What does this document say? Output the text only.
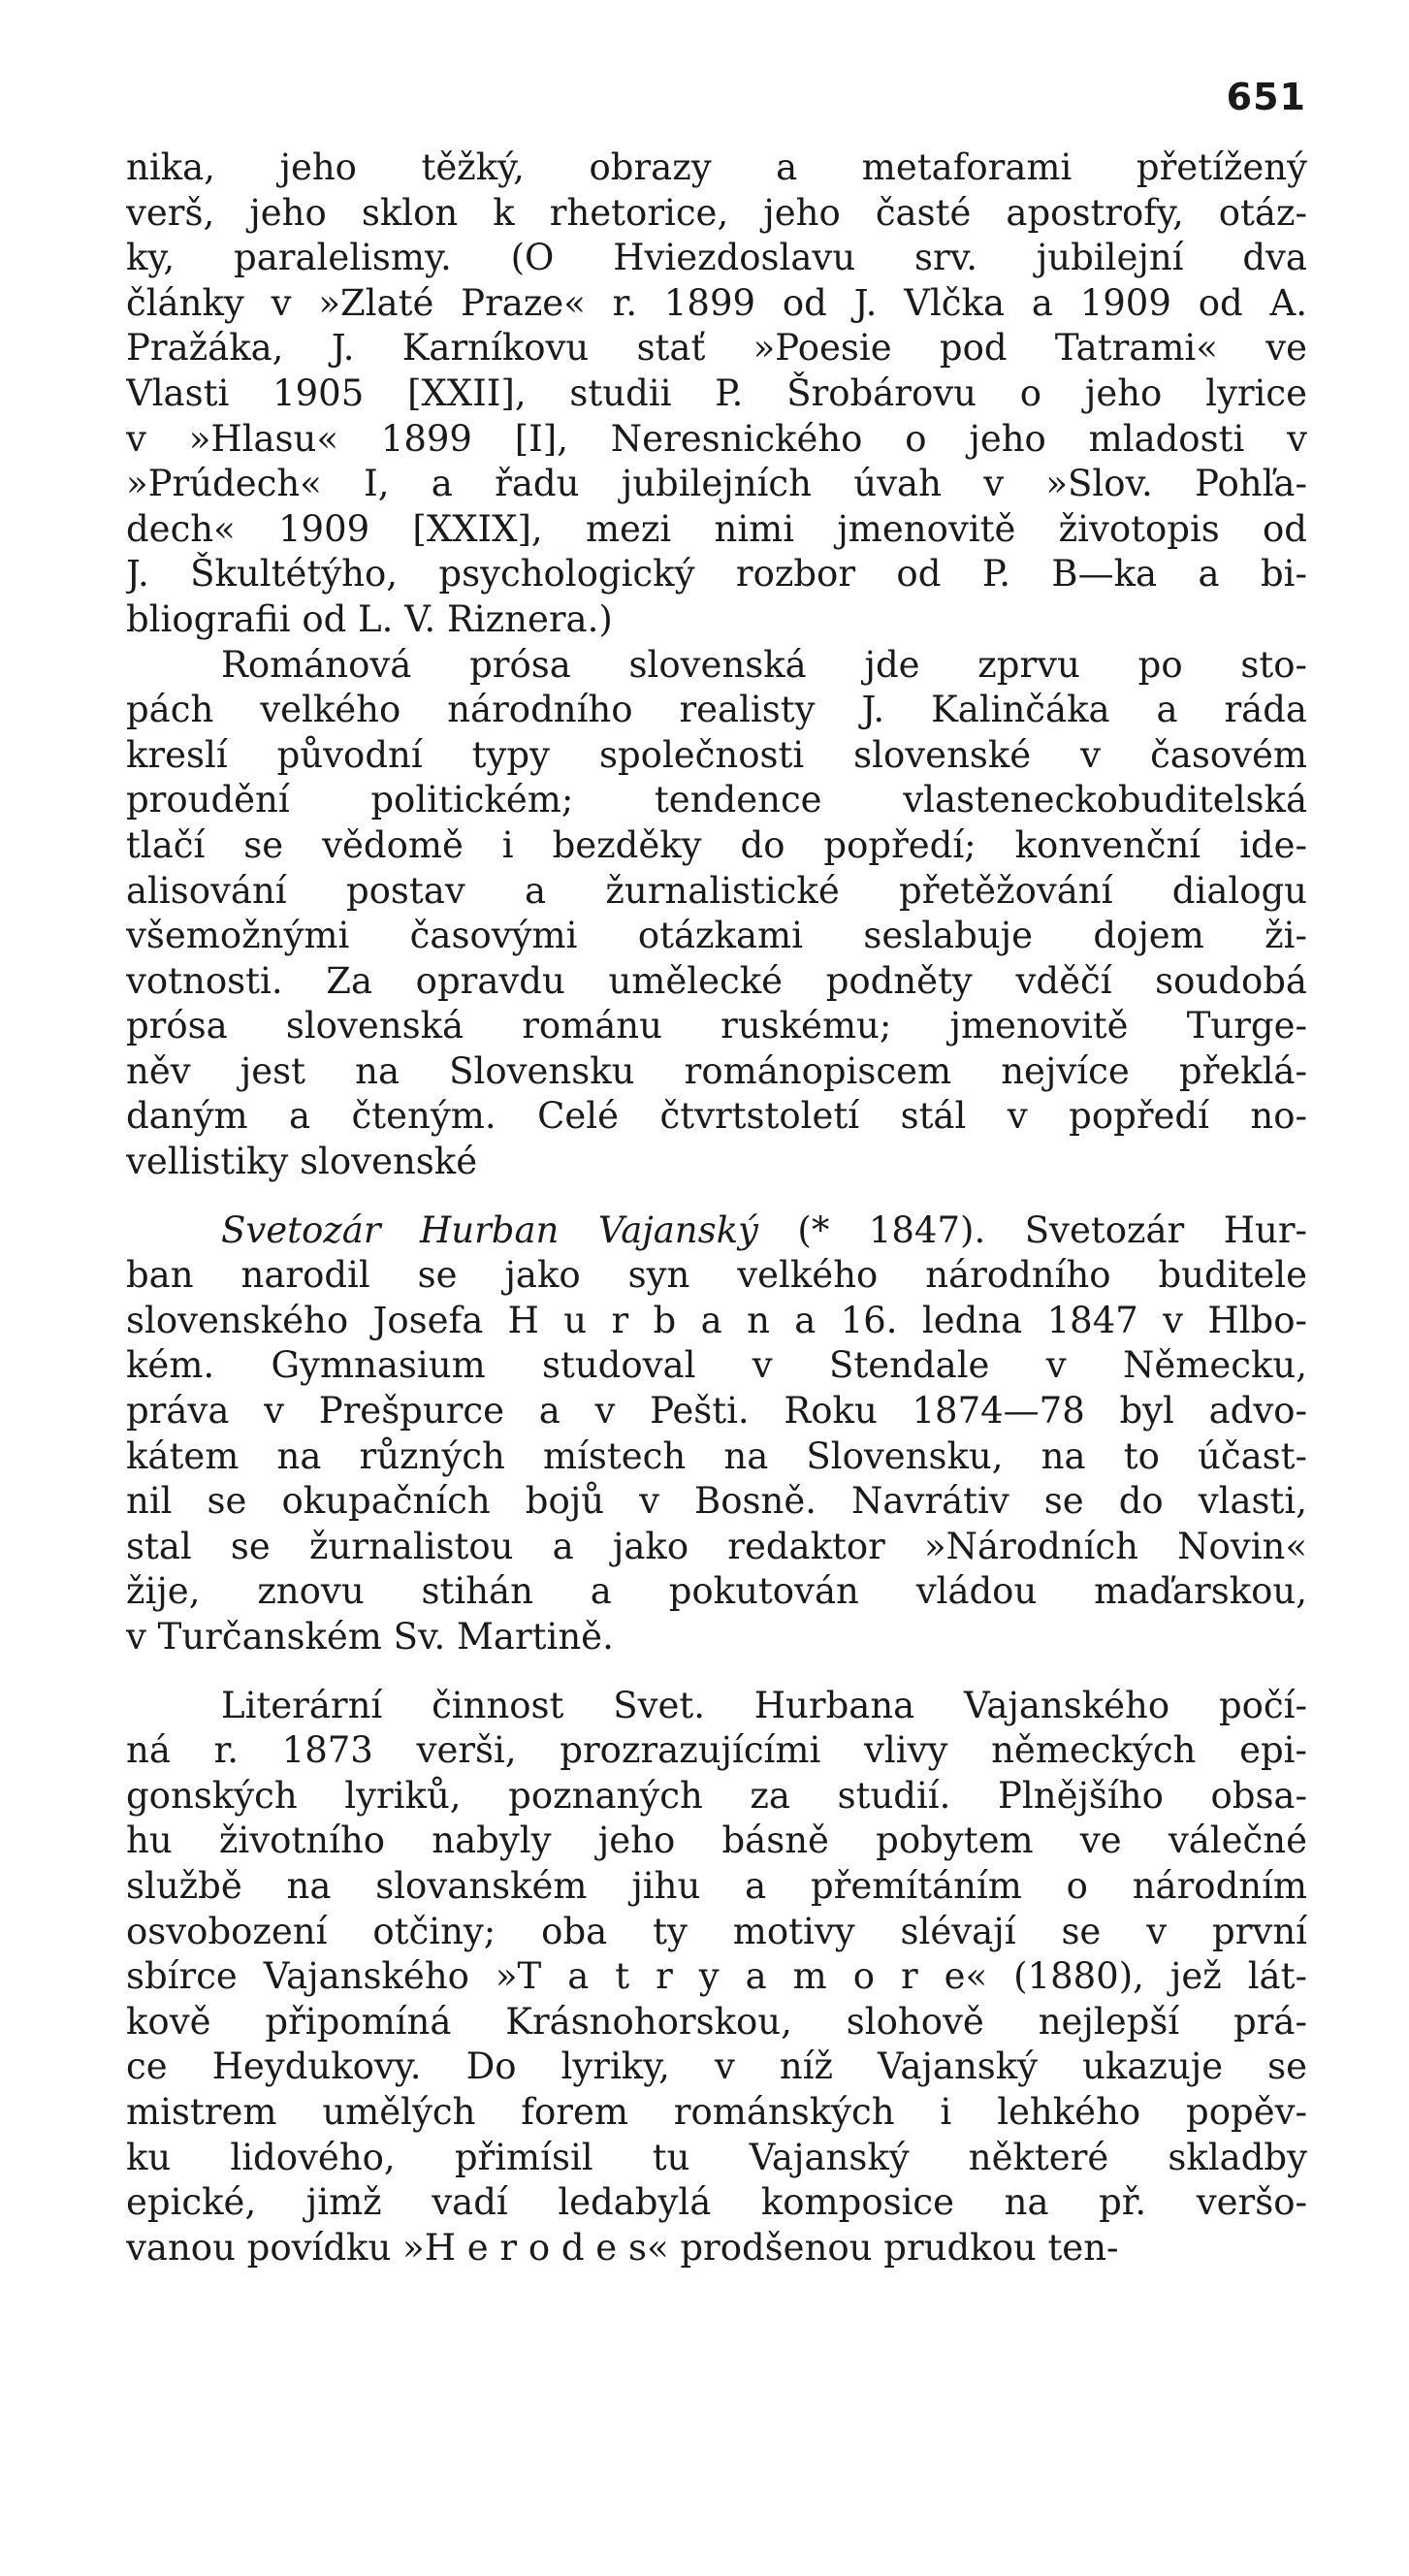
651
nika, jeho těžký, obrazy a metaforami přetížený
verš, jeho sklon k rhetorice, jeho časté apostrofy, otáz-
ky, paralelismy. (O Hviezdoslavu srv. jubilejní dva
články v »Zlaté Praze« r. 1899 od J. Vlčka a 1909 od A.
Pražáka, J. Karníkovu stať »Poesie pod Tatrami« ve
Vlasti 1905 [XXII], studii P. Šrobárovu o jeho lyrice
v »Hlasu« 1899 [I], Neresnického o jeho mladosti v
»Prúdech« I, a řadu jubilejních úvah v »Slov. Pohľa-
dech« 1909 [XXIX], mezi nimi jmenovitě životopis od
J. Škultétýho, psychologický rozbor od P. B—ka a bi-
bliografii od L. V. Riznera.)
Románová prósa slovenská jde zprvu po sto-
pách velkého národního realisty J. Kalinčáka a ráda
kreslí původní typy společnosti slovenské v časovém
proudění politickém; tendence vlasteneckobuditelská
tlačí se vědomě i bezděky do popředí; konvenční ide-
alisování postav a žurnalistické přetěžování dialogu
všemožnými časovými otázkami seslabuje dojem ži-
votnosti. Za opravdu umělecké podněty vděčí soudobá
prósa slovenská románu ruskému; jmenovitě Turge-
něv jest na Slovensku románopiscem nejvíce překlá-
daným a čteným. Celé čtvrtstoletí stál v popředí no-
vellistiky slovenské
Svetozár Hurban Vajanský (* 1847). Svetozár Hur-
ban narodil se jako syn velkého národního buditele
slovenského Josefa H u r b a n a 16. ledna 1847 v Hlbo-
kém. Gymnasium studoval v Stendale v Německu,
práva v Prešpurce a v Pešti. Roku 1874—78 byl advo-
kátem na různých místech na Slovensku, na to účast-
nil se okupačních bojů v Bosně. Navrátiv se do vlasti,
stal se žurnalistou a jako redaktor »Národních Novin«
žije, znovu stihán a pokutován vládou maďarskou,
v Turčanském Sv. Martině.
Literární činnost Svet. Hurbana Vajanského počí-
ná r. 1873 verši, prozrazujícími vlivy německých epi-
gonských lyriků, poznaných za studií. Plnějšího obsa-
hu životního nabyly jeho básně pobytem ve válečné
službě na slovanském jihu a přemítáním o národním
osvobození otčiny; oba ty motivy slévají se v první
sbírce Vajanského »T a t r y a m o r e« (1880), jež lát-
kově připomíná Krásnohorskou, slohově nejlepší prá-
ce Heydukovy. Do lyriky, v níž Vajanský ukazuje se
mistrem umělých forem románských i lehkého popěv-
ku lidového, přimísil tu Vajanský některé skladby
epické, jimž vadí ledabylá komposice na př. veršo-
vanou povídku »H e r o d e s« prodšenou prudkou ten-
